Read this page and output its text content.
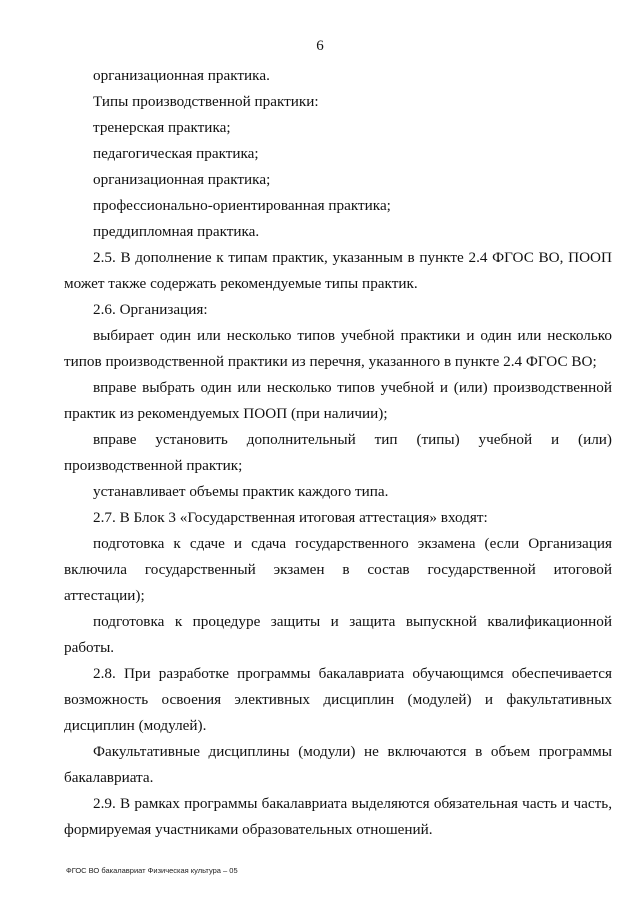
6

организационная практика.

Типы производственной практики:

тренерская практика;

педагогическая практика;

организационная практика;

профессионально-ориентированная практика;

преддипломная практика.

2.5. В дополнение к типам практик, указанным в пункте 2.4 ФГОС ВО, ПООП может также содержать рекомендуемые типы практик.

2.6. Организация:

выбирает один или несколько типов учебной практики и один или несколько типов производственной практики из перечня, указанного в пункте 2.4 ФГОС ВО;

вправе выбрать один или несколько типов учебной и (или) производственной практик из рекомендуемых ПООП (при наличии);

вправе установить дополнительный тип (типы) учебной и (или) производственной практик;

устанавливает объемы практик каждого типа.

2.7. В Блок 3 «Государственная итоговая аттестация» входят:

подготовка к сдаче и сдача государственного экзамена (если Организация включила государственный экзамен в состав государственной итоговой аттестации);

подготовка к процедуре защиты и защита выпускной квалификационной работы.

2.8. При разработке программы бакалавриата обучающимся обеспечивается возможность освоения элективных дисциплин (модулей) и факультативных дисциплин (модулей).

Факультативные дисциплины (модули) не включаются в объем программы бакалавриата.

2.9. В рамках программы бакалавриата выделяются обязательная часть и часть, формируемая участниками образовательных отношений.

ФГОС ВО бакалавриат Физическая культура – 05
